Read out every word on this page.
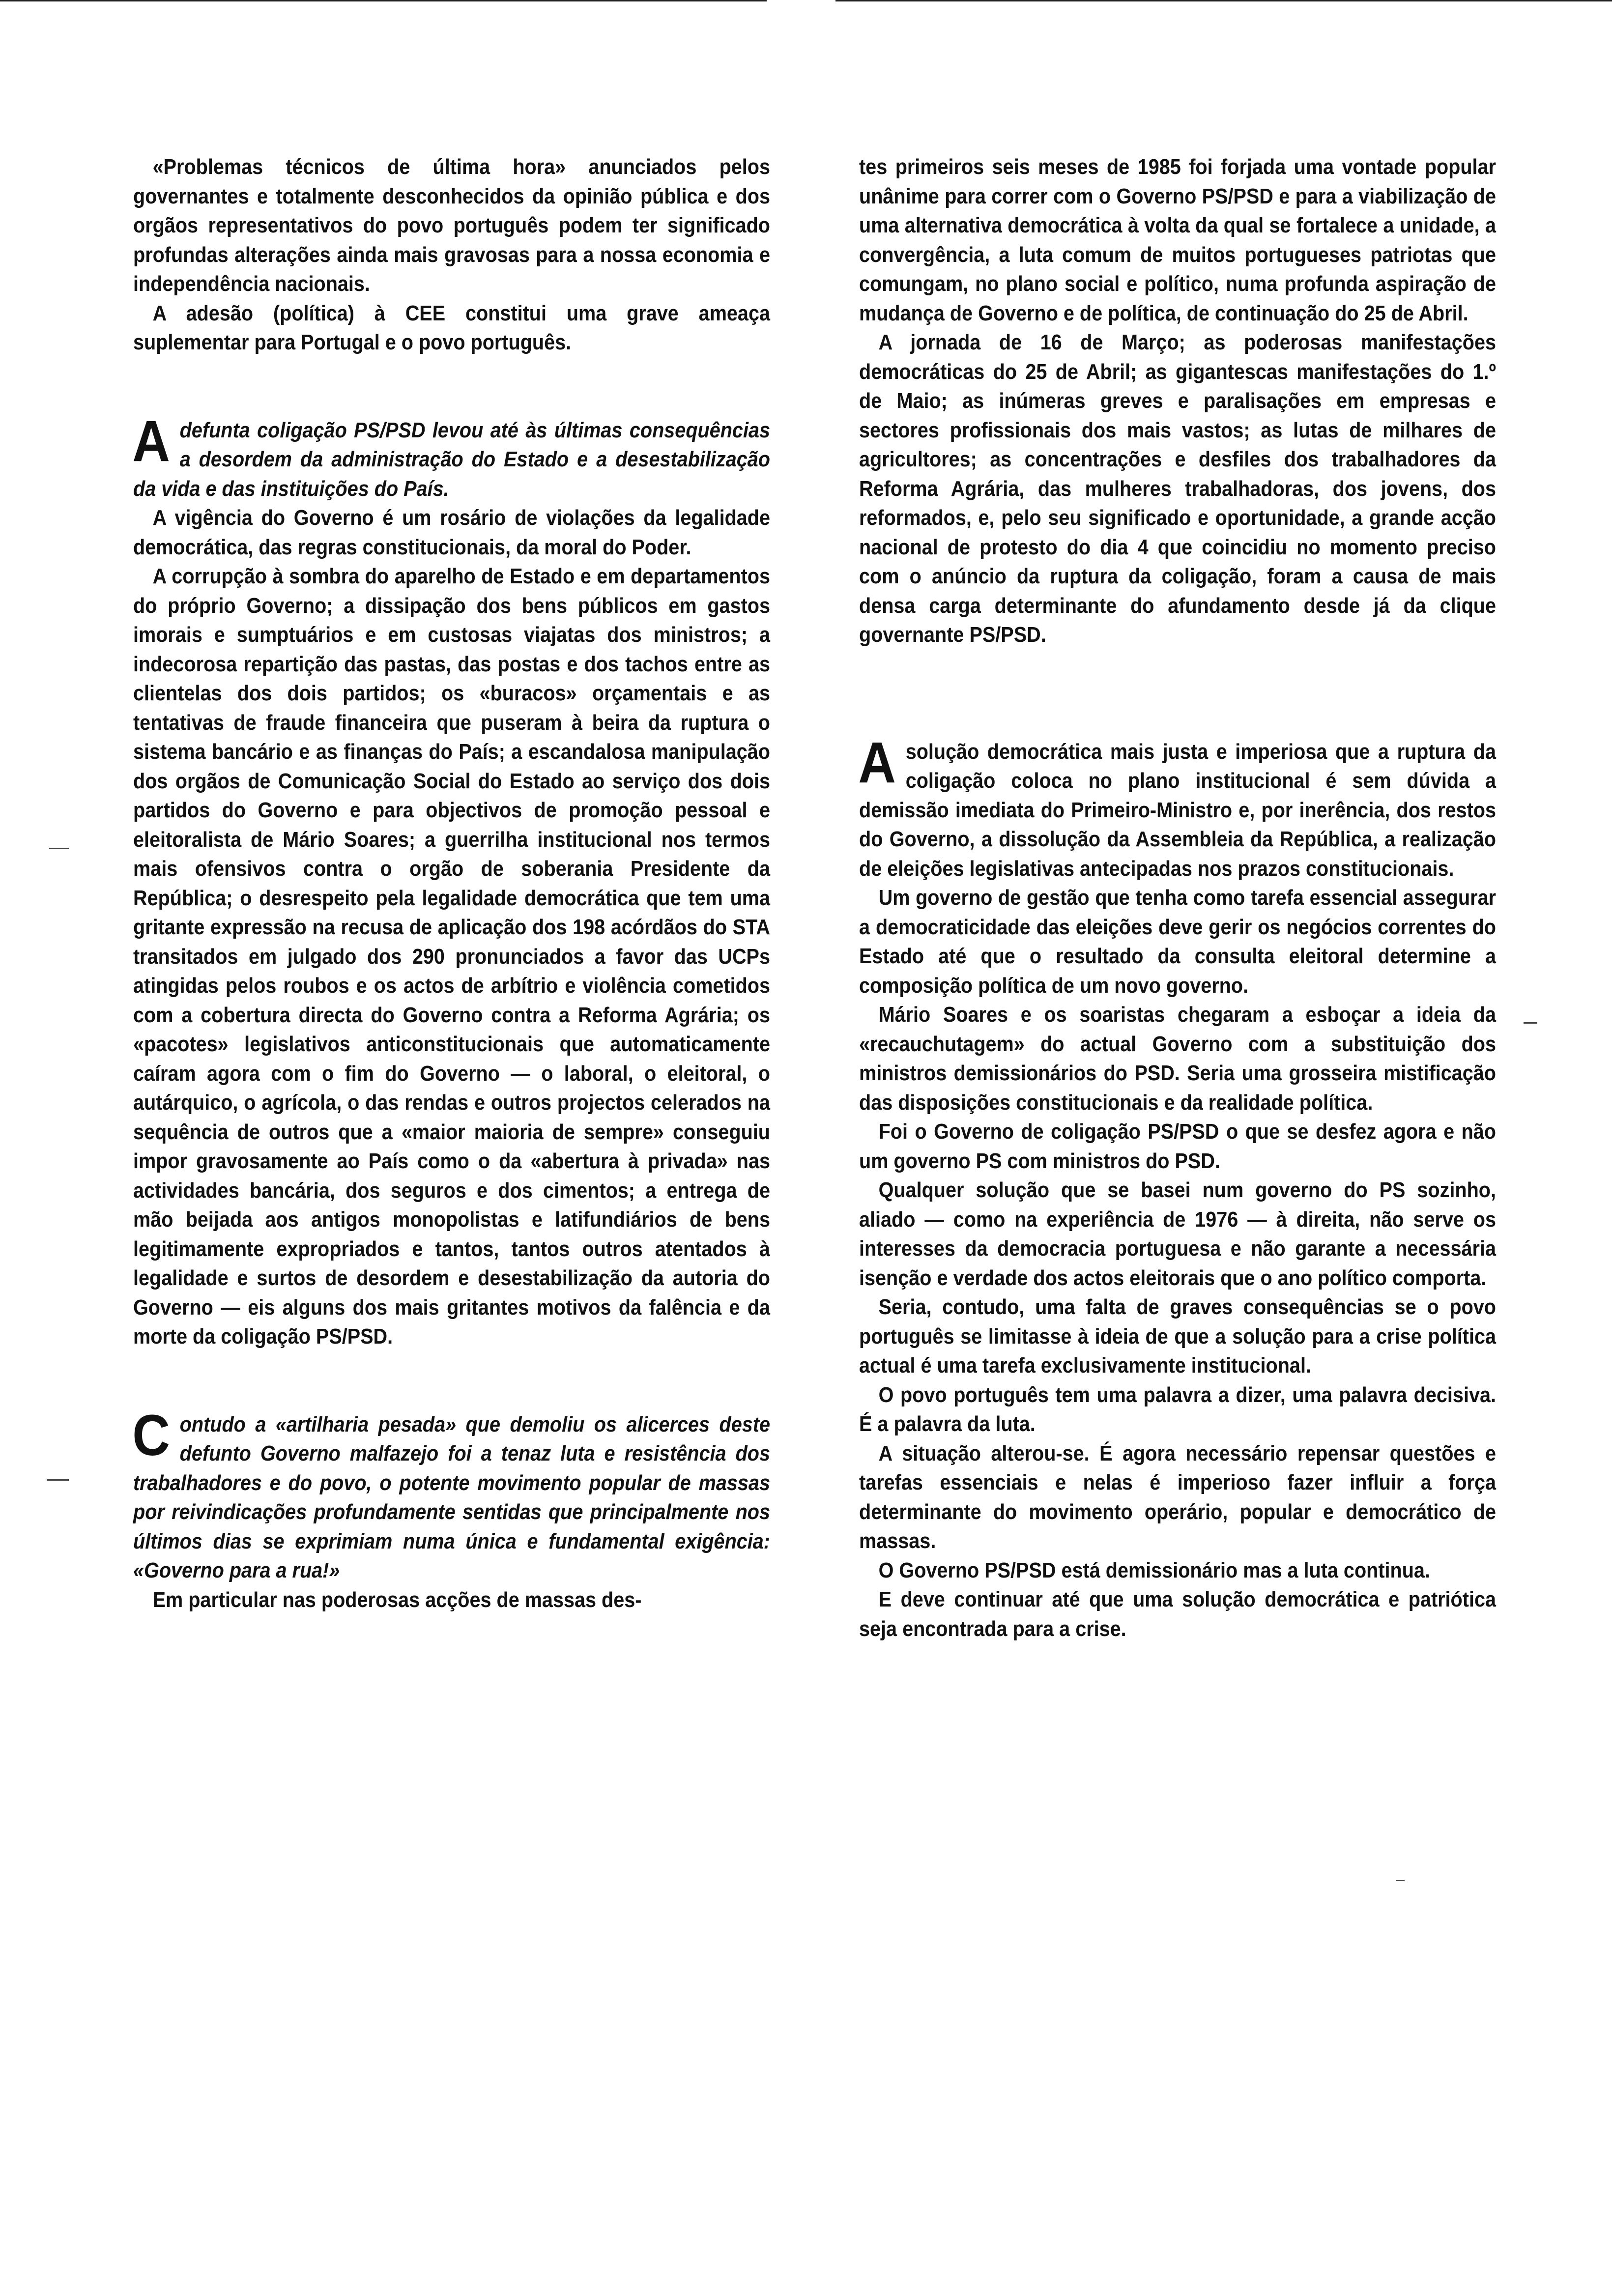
«Problemas técnicos de última hora» anunciados pelos governantes e totalmente desconhecidos da opinião pública e dos orgãos representativos do povo português podem ter significado profundas alterações ainda mais gravosas para a nossa economia e independência nacionais.

A adesão (política) à CEE constitui uma grave ameaça suplementar para Portugal e o povo português.

Adefunta coligação PS/PSD levou até às últimas consequências a desordem da administração do Estado e a desestabilização da vida e das instituições do País.

A vigência do Governo é um rosário de violações da legalidade democrática, das regras constitucionais, da moral do Poder.

A corrupção à sombra do aparelho de Estado e em departamentos do próprio Governo; a dissipação dos bens públicos em gastos imorais e sumptuários e em custosas viajatas dos ministros; a indecorosa repartição das pastas, das postas e dos tachos entre as clientelas dos dois partidos; os «buracos» orçamentais e as tentativas de fraude financeira que puseram à beira da ruptura o sistema bancário e as finanças do País; a escandalosa manipulação dos orgãos de Comunicação Social do Estado ao serviço dos dois partidos do Governo e para objectivos de promoção pessoal e eleitoralista de Mário Soares; a guerrilha institucional nos termos mais ofensivos contra o orgão de soberania Presidente da República; o desrespeito pela legalidade democrática que tem uma gritante expressão na recusa de aplicação dos 198 acórdãos do STA transitados em julgado dos 290 pronunciados a favor das UCPs atingidas pelos roubos e os actos de arbítrio e violência cometidos com a cobertura directa do Governo contra a Reforma Agrária; os «pacotes» legislativos anticonstitucionais que automaticamente caíram agora com o fim do Governo — o laboral, o eleitoral, o autárquico, o agrícola, o das rendas e outros projectos celerados na sequência de outros que a «maior maioria de sempre» conseguiu impor gravosamente ao País como o da «abertura à privada» nas actividades bancária, dos seguros e dos cimentos; a entrega de mão beijada aos antigos monopolistas e latifundiários de bens legitimamente expropriados e tantos, tantos outros atentados à legalidade e surtos de desordem e desestabilização da autoria do Governo — eis alguns dos mais gritantes motivos da falência e da morte da coligação PS/PSD.

Contudo a «artilharia pesada» que demoliu os alicerces deste defunto Governo malfazejo foi a tenaz luta e resistência dos trabalhadores e do povo, o potente movimento popular de massas por reivindicações profundamente sentidas que principalmente nos últimos dias se exprimiam numa única e fundamental exigência: «Governo para a rua!»

Em particular nas poderosas acções de massas des-

tes primeiros seis meses de 1985 foi forjada uma vontade popular unânime para correr com o Governo PS/PSD e para a viabilização de uma alternativa democrática à volta da qual se fortalece a unidade, a convergência, a luta comum de muitos portugueses patriotas que comungam, no plano social e político, numa profunda aspiração de mudança de Governo e de política, de continuação do 25 de Abril.

A jornada de 16 de Março; as poderosas manifestações democráticas do 25 de Abril; as gigantescas manifestações do 1.º de Maio; as inúmeras greves e paralisações em empresas e sectores profissionais dos mais vastos; as lutas de milhares de agricultores; as concentrações e desfiles dos trabalhadores da Reforma Agrária, das mulheres trabalhadoras, dos jovens, dos reformados, e, pelo seu significado e oportunidade, a grande acção nacional de protesto do dia 4 que coincidiu no momento preciso com o anúncio da ruptura da coligação, foram a causa de mais densa carga determinante do afundamento desde já da clique governante PS/PSD.

Asolução democrática mais justa e imperiosa que a ruptura da coligação coloca no plano institucional é sem dúvida a demissão imediata do Primeiro-Ministro e, por inerência, dos restos do Governo, a dissolução da Assembleia da República, a realização de eleições legislativas antecipadas nos prazos constitucionais.

Um governo de gestão que tenha como tarefa essencial assegurar a democraticidade das eleições deve gerir os negócios correntes do Estado até que o resultado da consulta eleitoral determine a composição política de um novo governo.

Mário Soares e os soaristas chegaram a esboçar a ideia da «recauchutagem» do actual Governo com a substituição dos ministros demissionários do PSD. Seria uma grosseira mistificação das disposições constitucionais e da realidade política.

Foi o Governo de coligação PS/PSD o que se desfez agora e não um governo PS com ministros do PSD.

Qualquer solução que se basei num governo do PS sozinho, aliado — como na experiência de 1976 — à direita, não serve os interesses da democracia portuguesa e não garante a necessária isenção e verdade dos actos eleitorais que o ano político comporta.

Seria, contudo, uma falta de graves consequências se o povo português se limitasse à ideia de que a solução para a crise política actual é uma tarefa exclusivamente institucional.

O povo português tem uma palavra a dizer, uma palavra decisiva. É a palavra da luta.

A situação alterou-se. É agora necessário repensar questões e tarefas essenciais e nelas é imperioso fazer influir a força determinante do movimento operário, popular e democrático de massas.

O Governo PS/PSD está demissionário mas a luta continua.

E deve continuar até que uma solução democrática e patriótica seja encontrada para a crise.
